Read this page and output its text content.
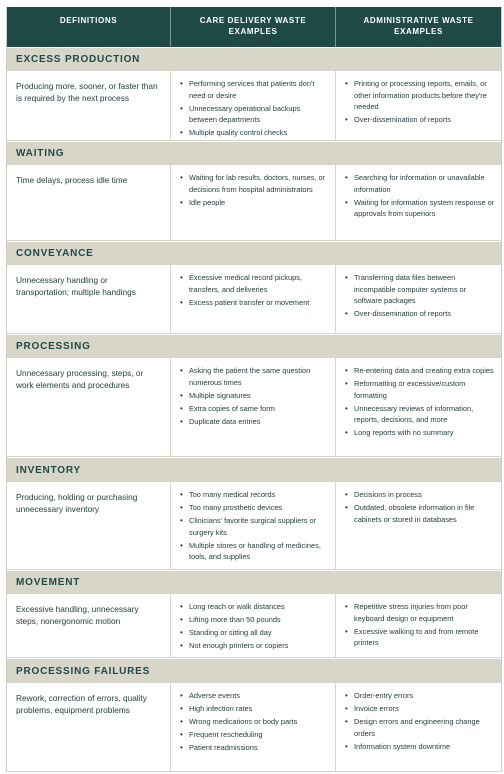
DEFINITIONS	CARE DELIVERY WASTE
EXAMPLES
ADMINISTRATIVE WASTE
EXAMPLES
EXCESS PRODUCTION
Producing more, sooner, or faster than is required by the next process
• Performing services that patients don't need or desire
• Unnecessary operational backups between departments
• Multiple quality control checks
• Printing or processing reports, emails, or other information products before they're needed
• Over-dissemination of reports
WAITING
Time delays, process idle time
•	Waiting for lab results, doctors, nurses, or decisions from hospital administrators
• Idle people
• Searching for information or unavailable information
• Waiting for information system response or approvals from superiors
CONVEYANCE
Unnecessary handling or transportation; multiple handings
• Excessive medical record pickups, transfers, and deliveries
• Excess patient transfer or movement
• Transferring data files between incompatible computer systems or software packages
• Over-dissemination of reports
PROCESSING
Unnecessary processing, steps, or work elements and procedures
• Asking the patient the same question numerous times
• Multiple signatures
• Extra copies of same form
• Duplicate data entries
• Re-entering data and creating extra copies
• Reformatting or excessive/custom formatting
• Unnecessary reviews of information, reports, decisions, and more
• Long reports with no summary
INVENTORY
Producing, holding or purchasing unnecessary inventory
• Too many medical records
• Too many prosthetic devices
• Clinicians' favorite surgical suppliers or surgery kits
• Multiple stores or handling of medicines, tools, and supplies
• Decisions in process
• Outdated, obsolete information in file cabinets or stored in databases
MOVEMENT
Excessive handling, unnecessary steps, nonergonomic motion
• Long reach or walk distances
• Lifting more than 50 pounds
• Standing or sitting all day
• Not enough printers or copiers
• Repetitive stress injuries from poor keyboard design or equipment
• Excessive walking to and from remote printers
PROCESSING FAILURES
Rework, correction of errors, quality problems, equipment problems
• Adverse events
• High infection rates
• Wrong medications or body parts
• Frequent rescheduling
• Patient readmissions
• Order-entry errors
• Invoice errors
• Design errors and engineering change orders
• Information system downtime
